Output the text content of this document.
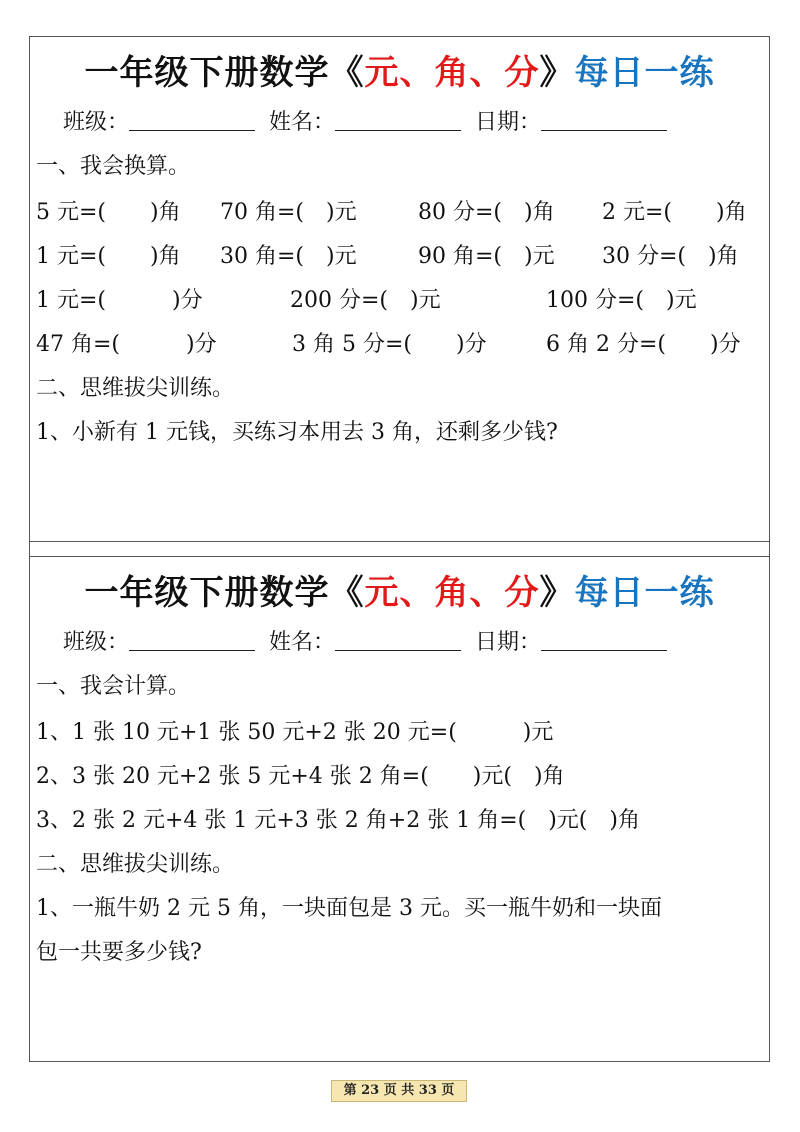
一年级下册数学《元、角、分》每日一练
班级：	姓名：	日期：
一、我会换算。
5 元=(　　)角 70 角=(　)元	80 分=(　)角 2 元=(　　)角
1 元=(　　)角 30 角=(　)元	90 角=(　)元 30 分=(　)角
1 元=(　　　)分	200 分=(　)元	100 分=(　)元
47 角=(　　　)分	3 角 5 分=(　　)分	6 角 2 分=(　　)分
二、思维拔尖训练。
1、小新有 1 元钱，买练习本用去 3 角，还剩多少钱?
一年级下册数学《元、角、分》每日一练
班级：	姓名：	日期：
一、我会计算。
1、1 张 10 元+1 张 50 元+2 张 20 元=(　　　)元
2、3 张 20 元+2 张 5 元+4 张 2 角=(　　)元(　)角
3、2 张 2 元+4 张 1 元+3 张 2 角+2 张 1 角=(　)元(　)角
二、思维拔尖训练。
1、一瓶牛奶 2 元 5 角，一块面包是 3 元。买一瓶牛奶和一块面
包一共要多少钱?
第 23 页 共 33 页
